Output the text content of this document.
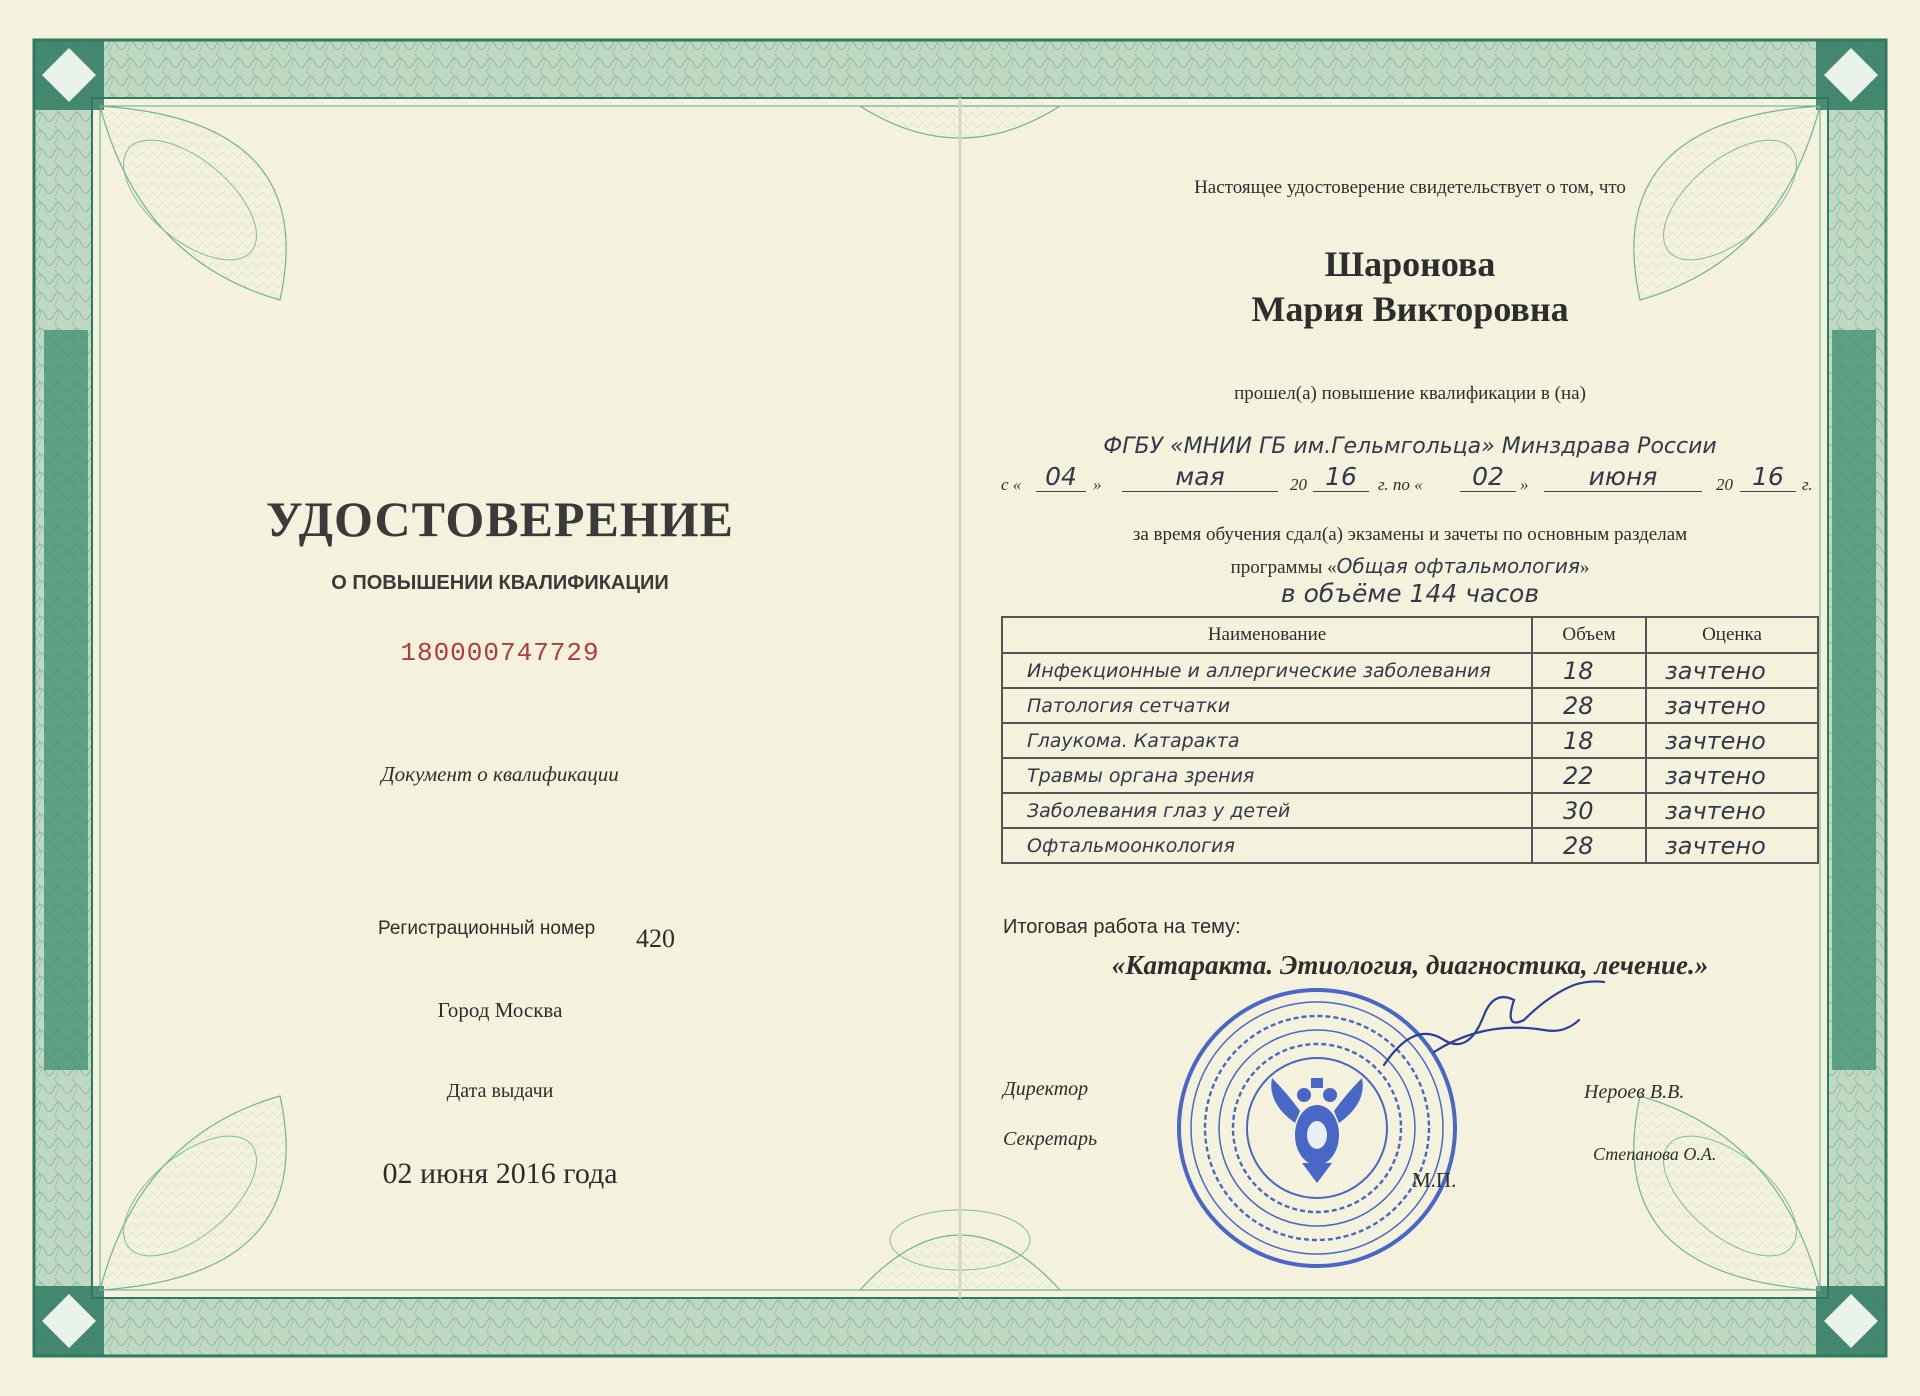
УДОСТОВЕРЕНИЕ
О ПОВЫШЕНИИ КВАЛИФИКАЦИИ
180000747729
Документ о квалификации
Регистрационный номер 420
Город Москва
Дата выдачи
02 июня 2016 года
Настоящее удостоверение свидетельствует о том, что
Шаронова
Мария Викторовна
прошел(а) повышение квалификации в (на)
ФГБУ «МНИИ ГБ им.Гельмгольца» Минздрава России
с « 04 »	мая	20 16	г. по «	02 »	июня	20 16	г.
за время обучения сдал(а) экзамены и зачеты по основным разделам
программы «Общая офтальмология»
в объёме 144 часов
Наименование	Объем	Оценка
Инфекционные и аллергические заболевания	18	зачтено
Патология сетчатки	28	зачтено
Глаукома. Катаракта	18	зачтено
Травмы органа зрения	22	зачтено
Заболевания глаз у детей	30	зачтено
Офтальмоонкология	28	зачтено
Итоговая работа на тему:
«Катаракта. Этиология, диагностика, лечение.»
Директор
Секретарь
Нероев В.В.
Степанова О.А.
М.П.
